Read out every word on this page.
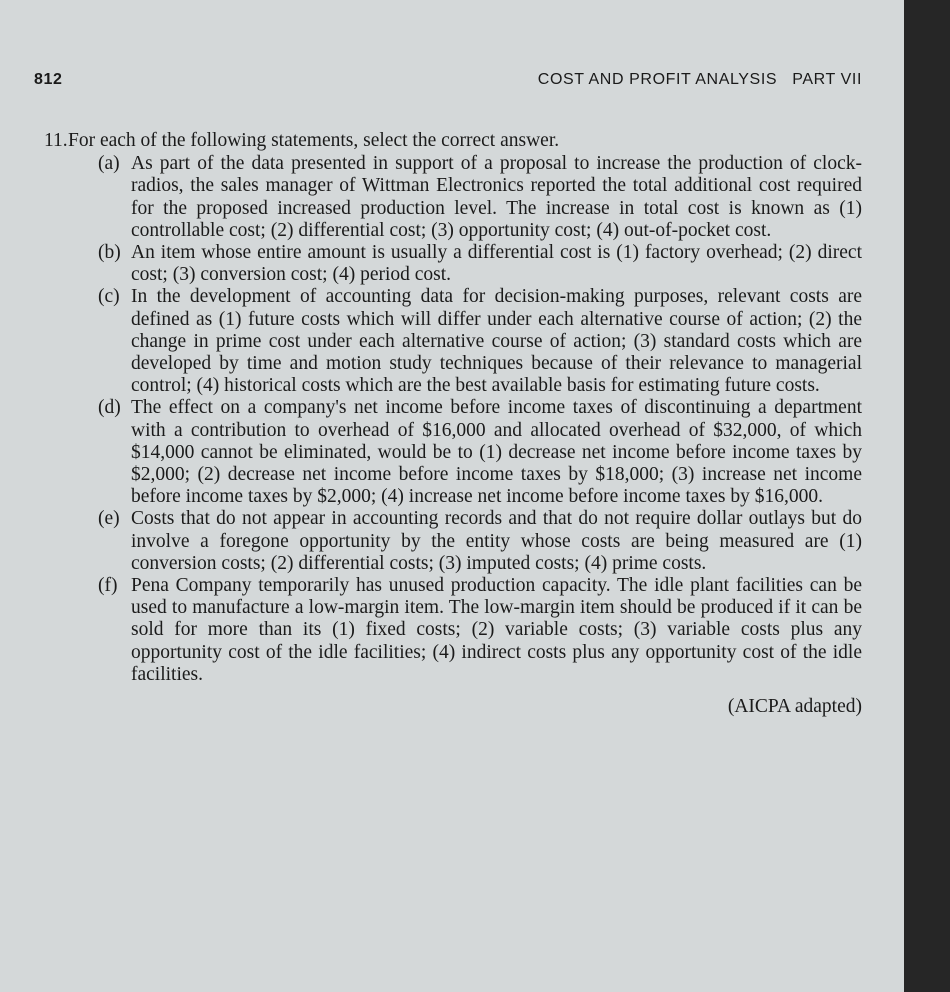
812	COST AND PROFIT ANALYSIS   PART VII
11. For each of the following statements, select the correct answer.
(a) As part of the data presented in support of a proposal to increase the production of clock-radios, the sales manager of Wittman Electronics reported the total additional cost required for the proposed increased production level. The increase in total cost is known as (1) controllable cost; (2) differential cost; (3) opportunity cost; (4) out-of-pocket cost.
(b) An item whose entire amount is usually a differential cost is (1) factory overhead; (2) direct cost; (3) conversion cost; (4) period cost.
(c) In the development of accounting data for decision-making purposes, relevant costs are defined as (1) future costs which will differ under each alternative course of action; (2) the change in prime cost under each alternative course of action; (3) standard costs which are developed by time and motion study techniques because of their relevance to managerial control; (4) historical costs which are the best available basis for estimating future costs.
(d) The effect on a company's net income before income taxes of discontinuing a department with a contribution to overhead of $16,000 and allocated overhead of $32,000, of which $14,000 cannot be eliminated, would be to (1) decrease net income before income taxes by $2,000; (2) decrease net income before income taxes by $18,000; (3) increase net income before income taxes by $2,000; (4) increase net income before income taxes by $16,000.
(e) Costs that do not appear in accounting records and that do not require dollar outlays but do involve a foregone opportunity by the entity whose costs are being measured are (1) conversion costs; (2) differential costs; (3) imputed costs; (4) prime costs.
(f) Pena Company temporarily has unused production capacity. The idle plant facilities can be used to manufacture a low-margin item. The low-margin item should be produced if it can be sold for more than its (1) fixed costs; (2) variable costs; (3) variable costs plus any opportunity cost of the idle facilities; (4) indirect costs plus any opportunity cost of the idle facilities.
(AICPA adapted)
